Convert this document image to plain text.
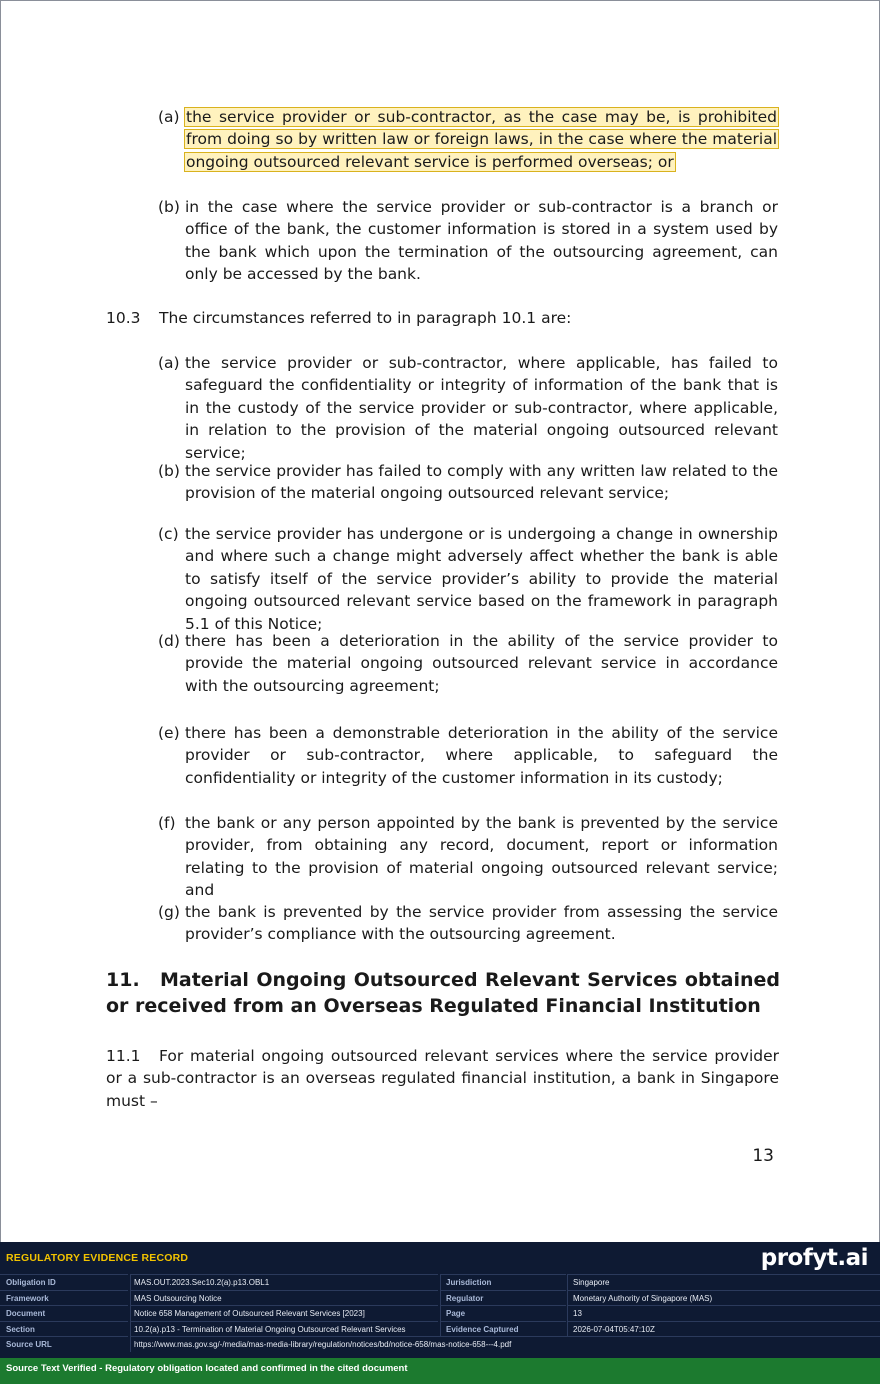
(a) the service provider or sub-contractor, as the case may be, is prohibited from doing so by written law or foreign laws, in the case where the material ongoing outsourced relevant service is performed overseas; or
(b) in the case where the service provider or sub-contractor is a branch or office of the bank, the customer information is stored in a system used by the bank which upon the termination of the outsourcing agreement, can only be accessed by the bank.
10.3 The circumstances referred to in paragraph 10.1 are:
(a) the service provider or sub-contractor, where applicable, has failed to safeguard the confidentiality or integrity of information of the bank that is in the custody of the service provider or sub-contractor, where applicable, in relation to the provision of the material ongoing outsourced relevant service;
(b) the service provider has failed to comply with any written law related to the provision of the material ongoing outsourced relevant service;
(c) the service provider has undergone or is undergoing a change in ownership and where such a change might adversely affect whether the bank is able to satisfy itself of the service provider’s ability to provide the material ongoing outsourced relevant service based on the framework in paragraph 5.1 of this Notice;
(d) there has been a deterioration in the ability of the service provider to provide the material ongoing outsourced relevant service in accordance with the outsourcing agreement;
(e) there has been a demonstrable deterioration in the ability of the service provider or sub-contractor, where applicable, to safeguard the confidentiality or integrity of the customer information in its custody;
(f) the bank or any person appointed by the bank is prevented by the service provider, from obtaining any record, document, report or information relating to the provision of material ongoing outsourced relevant service; and
(g) the bank is prevented by the service provider from assessing the service provider’s compliance with the outsourcing agreement.
11. Material Ongoing Outsourced Relevant Services obtained or received from an Overseas Regulated Financial Institution
11.1 For material ongoing outsourced relevant services where the service provider or a sub-contractor is an overseas regulated financial institution, a bank in Singapore must –
13
REGULATORY EVIDENCE RECORD	profyt.ai
Obligation ID	MAS.OUT.2023.Sec10.2(a).p13.OBL1	Jurisdiction	Singapore
Framework	MAS Outsourcing Notice	Regulator	Monetary Authority of Singapore (MAS)
Document	Notice 658 Management of Outsourced Relevant Services [2023]	Page	13
Section	10.2(a).p13 - Termination of Material Ongoing Outsourced Relevant Services	Evidence Captured	2026-07-04T05:47:10Z
Source URL	https://www.mas.gov.sg/-/media/mas-media-library/regulation/notices/bd/notice-658/mas-notice-658---4.pdf
Source Text Verified - Regulatory obligation located and confirmed in the cited document
